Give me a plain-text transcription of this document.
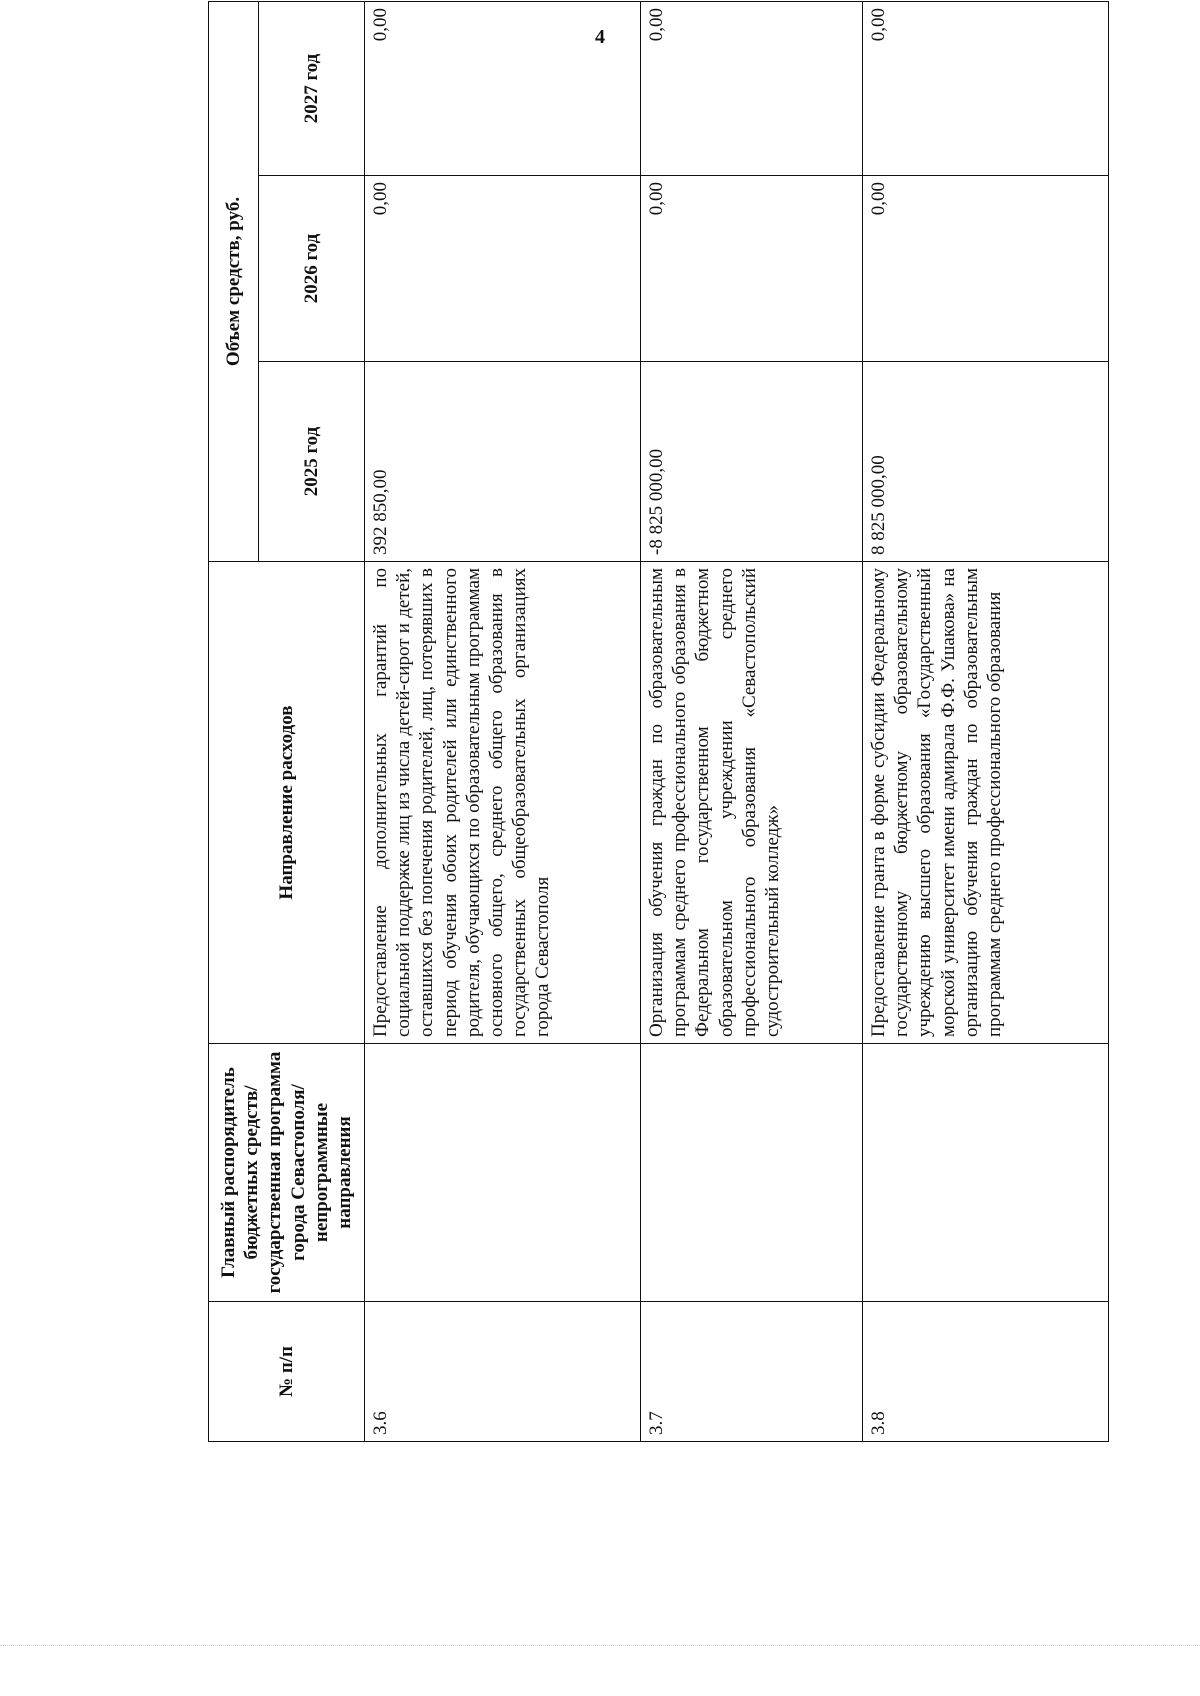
4
№ п/п	Главный распорядитель бюджетных средств/государственная программа города Севастополя/непрограммные направления	Направление расходов	Объем средств, руб.		
			2025 год	2026 год	2027 год
3.6		Предоставление дополнительных гарантий по социальной поддержке лиц из числа детей-сирот и детей, оставшихся без попечения родителей, лиц, потерявших в период обучения обоих родителей или единственного родителя, обучающихся по образовательным программам основного общего, среднего общего образования в государственных общеобразовательных организациях города Севастополя	392 850,00	0,00	0,00
3.7		Организация обучения граждан по образовательным программам среднего профессионального образования в Федеральном государственном бюджетном образовательном учреждении среднего профессионального образования «Севастопольский судостроительный колледж»	-8 825 000,00	0,00	0,00
3.8		Предоставление гранта в форме субсидии Федеральному государственному бюджетному образовательному учреждению высшего образования «Государственный морской университет имени адмирала Ф.Ф. Ушакова» на организацию обучения граждан по образовательным программам среднего профессионального образования	8 825 000,00	0,00	0,00
